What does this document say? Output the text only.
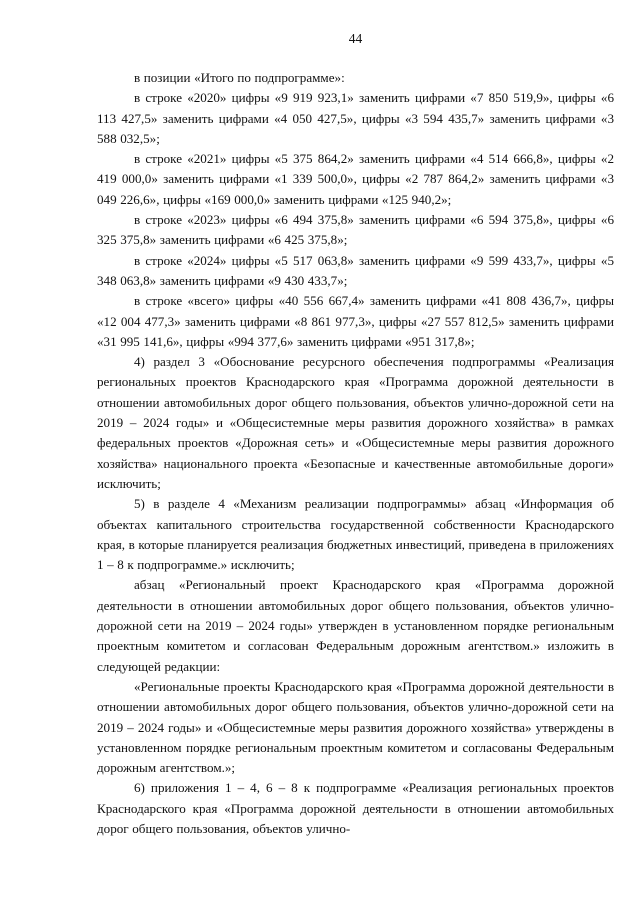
44

в позиции «Итого по подпрограмме»:

в строке «2020» цифры «9 919 923,1» заменить цифрами «7 850 519,9», цифры «6 113 427,5» заменить цифрами «4 050 427,5», цифры «3 594 435,7» заменить цифрами «3 588 032,5»;

в строке «2021» цифры «5 375 864,2» заменить цифрами «4 514 666,8», цифры «2 419 000,0» заменить цифрами «1 339 500,0», цифры «2 787 864,2» заменить цифрами «3 049 226,6», цифры «169 000,0» заменить цифрами «125 940,2»;

в строке «2023» цифры «6 494 375,8» заменить цифрами «6 594 375,8», цифры «6 325 375,8» заменить цифрами «6 425 375,8»;

в строке «2024» цифры «5 517 063,8» заменить цифрами «9 599 433,7», цифры «5 348 063,8» заменить цифрами «9 430 433,7»;

в строке «всего» цифры «40 556 667,4» заменить цифрами «41 808 436,7», цифры «12 004 477,3» заменить цифрами «8 861 977,3», цифры «27 557 812,5» заменить цифрами «31 995 141,6», цифры «994 377,6» заменить цифрами «951 317,8»;

4) раздел 3 «Обоснование ресурсного обеспечения подпрограммы «Реализация региональных проектов Краснодарского края «Программа дорожной деятельности в отношении автомобильных дорог общего пользования, объектов улично-дорожной сети на 2019 – 2024 годы» и «Общесистемные меры развития дорожного хозяйства» в рамках федеральных проектов «Дорожная сеть» и «Общесистемные меры развития дорожного хозяйства» национального проекта «Безопасные и качественные автомобильные дороги» исключить;

5) в разделе 4 «Механизм реализации подпрограммы» абзац «Информация об объектах капитального строительства государственной собственности Краснодарского края, в которые планируется реализация бюджетных инвестиций, приведена в приложениях 1 – 8 к подпрограмме.» исключить;

абзац «Региональный проект Краснодарского края «Программа дорожной деятельности в отношении автомобильных дорог общего пользования, объектов улично-дорожной сети на 2019 – 2024 годы» утвержден в установленном порядке региональным проектным комитетом и согласован Федеральным дорожным агентством.» изложить в следующей редакции:

«Региональные проекты Краснодарского края «Программа дорожной деятельности в отношении автомобильных дорог общего пользования, объектов улично-дорожной сети на 2019 – 2024 годы» и «Общесистемные меры развития дорожного хозяйства» утверждены в установленном порядке региональным проектным комитетом и согласованы Федеральным дорожным агентством.»;

6) приложения 1 – 4, 6 – 8 к подпрограмме «Реализация региональных проектов Краснодарского края «Программа дорожной деятельности в отношении автомобильных дорог общего пользования, объектов улично-
